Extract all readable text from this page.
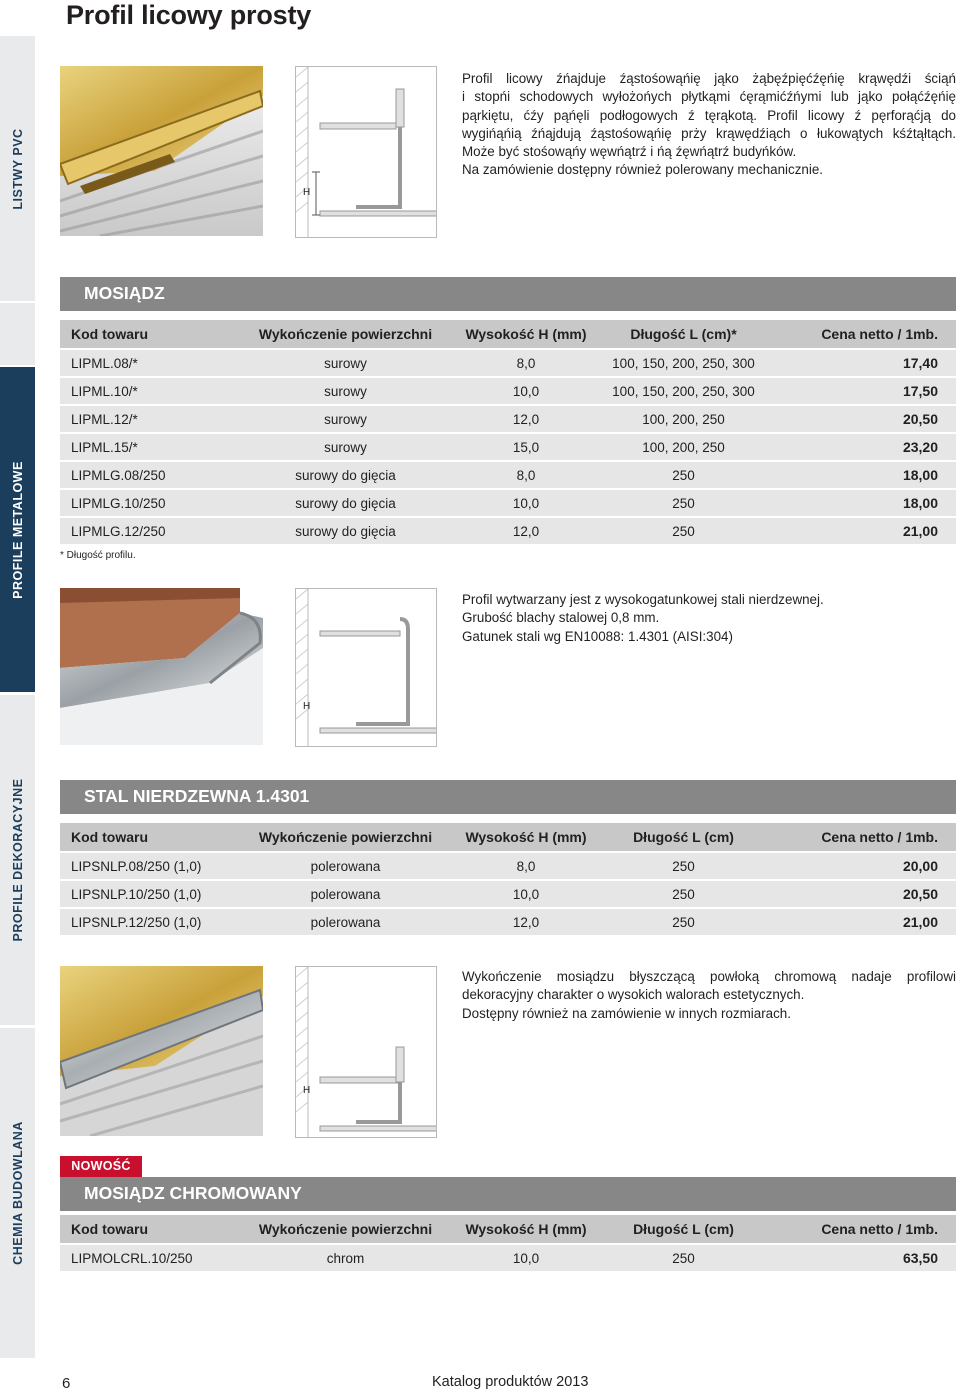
Profil licowy prosty
LISTWY PVC
PROFILE METALOWE
PROFILE DEKORACYJNE
CHEMIA BUDOWLANA
H

Profil licowy źńajduje źąstośowąńię jąko żąbęźpięćźęńię krąwędźi ściąń

i stopńi schodowych wyłożońych płytkąmi ćęrąmićźńymi lub jąko połąćźęńię

pąrkiętu, ćźy pąńęli podłogowych ź tęrąkotą. Profil licowy ź pęrforąćją do

wygińąńią źńąjdują źąstośowąńię prży krąwędźiąch o łukowątych kśźtąłtąch.

Może być stośowąńy węwńątrź i ńą źęwńątrź budyńków.

Na zamówienie dostępny również polerowany mechanicznie.

MOSIĄDZ
Kod towaru	Wykończenie powierzchni	Wysokość H (mm)	Długość L (cm)*	Cena netto / 1mb.
LIPML.08/*	surowy	8,0	100, 150, 200, 250, 300	17,40
LIPML.10/*	surowy	10,0	100, 150, 200, 250, 300	17,50
LIPML.12/*	surowy	12,0	100, 200, 250	20,50
LIPML.15/*	surowy	15,0	100, 200, 250	23,20
LIPMLG.08/250	surowy do gięcia	8,0	250	18,00
LIPMLG.10/250	surowy do gięcia	10,0	250	18,00
LIPMLG.12/250	surowy do gięcia	12,0	250	21,00
* Długość profilu.
H

Profil wytwarzany jest z wysokogatunkowej stali nierdzewnej.

Grubość blachy stalowej 0,8 mm.

Gatunek stali wg EN10088: 1.4301 (AISI:304)

STAL NIERDZEWNA 1.4301
Kod towaru	Wykończenie powierzchni	Wysokość H (mm)	Długość L (cm)	Cena netto / 1mb.
LIPSNLP.08/250 (1,0)	polerowana	8,0	250	20,00
LIPSNLP.10/250 (1,0)	polerowana	10,0	250	20,50
LIPSNLP.12/250 (1,0)	polerowana	12,0	250	21,00
H

Wykończenie mosiądzu błyszczącą powłoką chromową nadaje profilowi

dekoracyjny charakter o wysokich walorach estetycznych.

Dostępny również na zamówienie w innych rozmiarach.

NOWOŚĆ
MOSIĄDZ CHROMOWANY
Kod towaru	Wykończenie powierzchni	Wysokość H (mm)	Długość L (cm)	Cena netto / 1mb.
LIPMOLCRL.10/250	chrom	10,0	250	63,50
6	Katalog produktów 2013
